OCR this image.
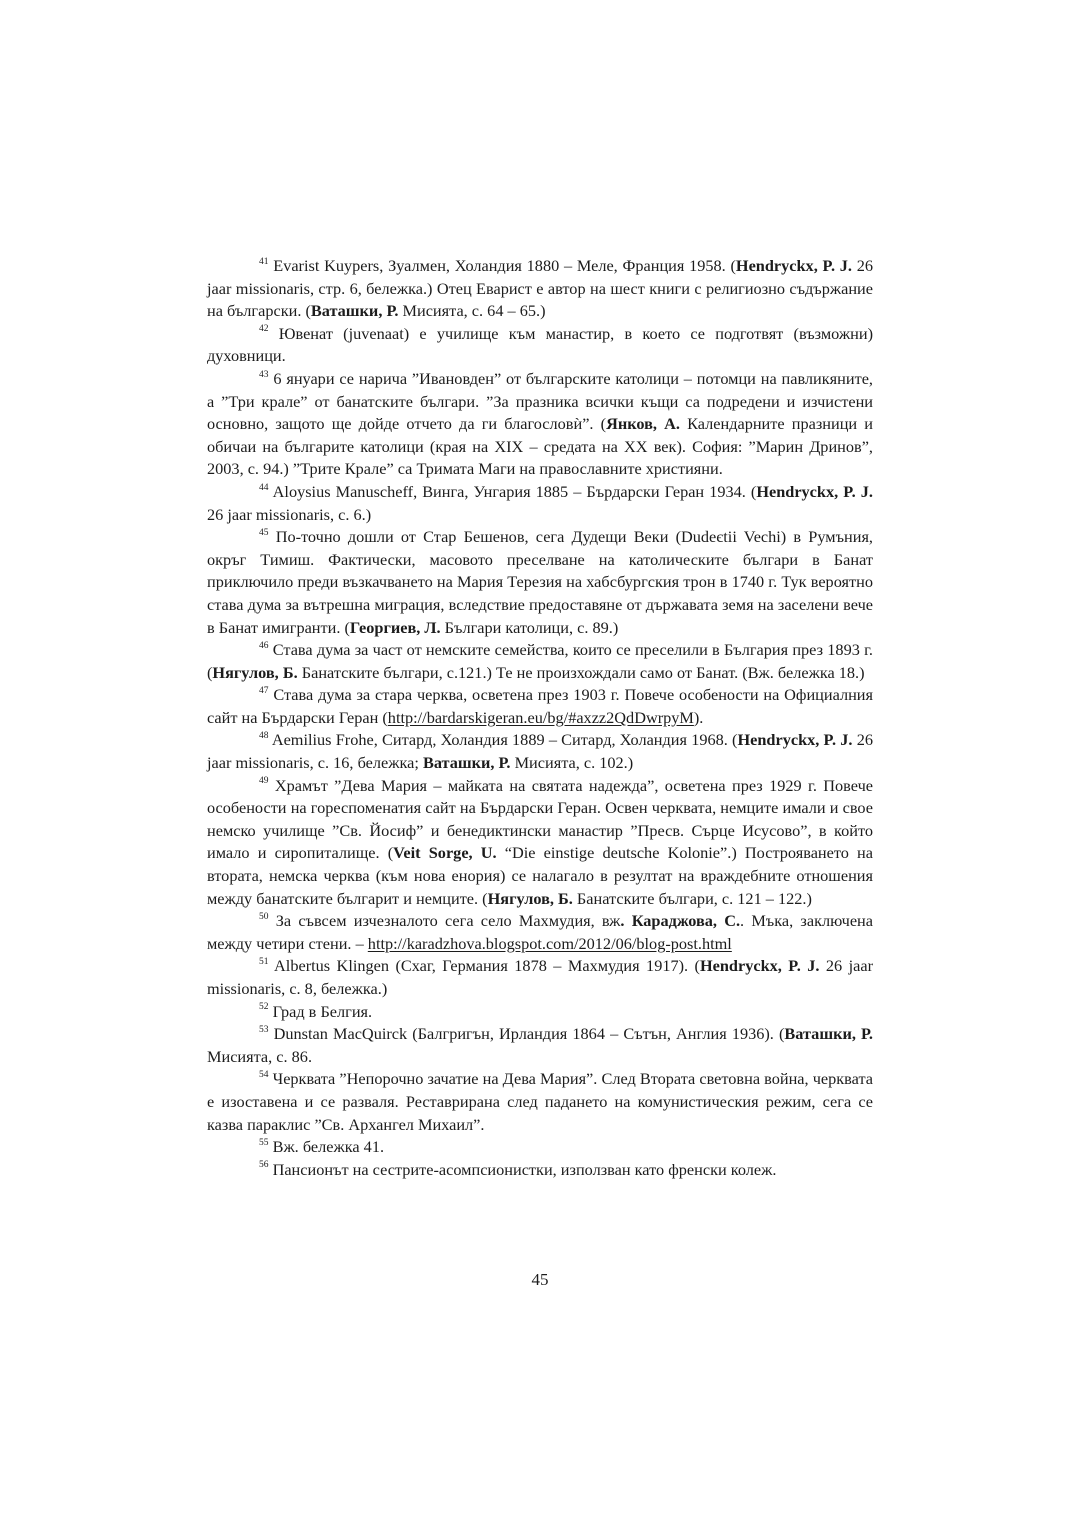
$^{41}$ Evarist Kuypers, Зуалмен, Холандия 1880 – Меле, Франция 1958. (Hendryckx, P. J. 26 jaar missionaris, стр. 6, бележка.) Отец Еварист е автор на шест книги с религиозно съдържание на български. (Ваташки, Р. Мисията, с. 64 – 65.)

$^{42}$ Ювенат (juvenaat) е училище към манастир, в което се подготвят (възможни) духовници.

$^{43}$ 6 януари се нарича ”Ивановден” от българските католици – потомци на павликяните, а ”Три крале” от банатските българи. ”За празника всички къщи са подредени и изчистени основно, защото ще дойде отчето да ги благословѝ”. (Янков, А. Календарните празници и обичаи на българите католици (края на XIX – средата на XX век). София: ”Марин Дринов”, 2003, с. 94.) ”Трите Крале” са Тримата Маги на православните християни.

$^{44}$ Aloysius Manuscheff, Винга, Унгария 1885 – Бърдарски Геран 1934. (Hendryckx, P. J. 26 jaar missionaris, с. 6.)

$^{45}$ По-точно дошли от Стар Бешенов, сега Дудещи Веки (Dudeєtii Vechi) в Румъния, окръг Тимиш. Фактически, масовото преселване на католическите българи в Банат приключило преди възкачването на Мария Терезия на хабсбургския трон в 1740 г. Тук вероятно става дума за вътрешна миграция, вследствие предоставяне от държавата земя на заселени вече в Банат имигранти. (Георгиев, Л. Българи католици, с. 89.)

$^{46}$ Става дума за част от немските семейства, които се преселили в България през 1893 г. (Нягулов, Б. Банатските българи, с.121.) Те не произхождали само от Банат. (Вж. бележка 18.)

$^{47}$ Става дума за стара черква, осветена през 1903 г. Повече особености на Официалния сайт на Бърдарски Геран (http://bardarskigeran.eu/bg/#axzz2QdDwrpyM).

$^{48}$ Aemilius Frohe, Ситард, Холандия 1889 – Ситард, Холандия 1968. (Hendryckx, P. J. 26 jaar missionaris, с. 16, бележка; Ваташки, Р. Мисията, с. 102.)

$^{49}$ Храмът ”Дева Мария – майката на святата надежда”, осветена през 1929 г. Повече особености на гореспоменатия сайт на Бърдарски Геран. Освен черквата, немците имали и свое немско училище ”Св. Йосиф” и бенедиктински манастир ”Пресв. Сърце Исусово”, в който имало и сиропиталище. (Veit Sorge, U. “Die einstige deutsche Kolonie”.) Построяването на втората, немска черква (към нова енория) се налагало в резултат на враждебните отношения между банатските българит и немците. (Нягулов, Б. Банатските българи, с. 121 – 122.)

$^{50}$ За съвсем изчезналото сега село Махмудия, вж. Караджова, С.. Мъка, заключена между четири стени. – http://karadzhova.blogspot.com/2012/06/blog-post.html

$^{51}$ Albertus Klingen (Схаг, Германия 1878 – Махмудия 1917). (Hendryckx, P. J. 26 jaar missionaris, с. 8, бележка.)

$^{52}$ Град в Белгия.

$^{53}$ Dunstan MacQuirck (Балгригън, Ирландия 1864 – Сътън, Англия 1936). (Ваташки, Р. Мисията, с. 86.

$^{54}$ Черквата ”Непорочно зачатие на Дева Мария”. След Втората световна война, черквата е изоставена и се разваля. Реставрирана след падането на комунистическия режим, сега се казва параклис ”Св. Архангел Михаил”.

$^{55}$ Вж. бележка 41.

$^{56}$ Пансионът на сестрите-асомпсионистки, използван като френски колеж.

45
